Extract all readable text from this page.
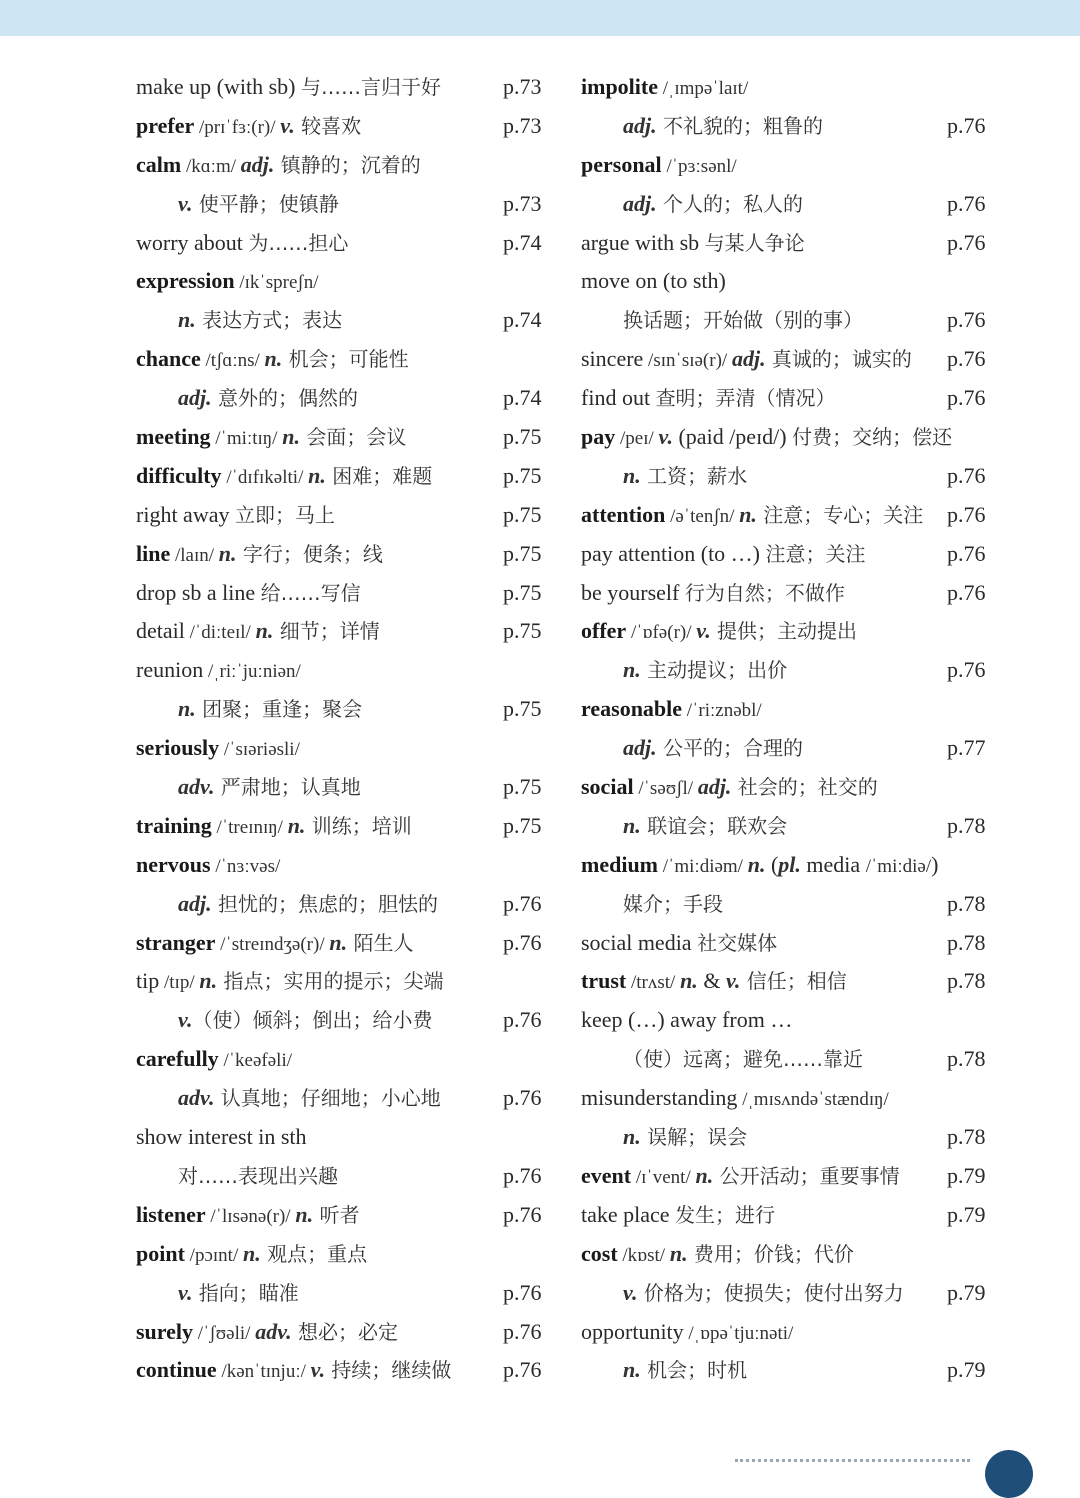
make up (with sb) 与……言归于好	p.73
prefer /prɪˈfɜː(r)/ v. 较喜欢	p.73
calm /kɑːm/ adj. 镇静的；沉着的
v. 使平静；使镇静	p.73
worry about 为……担心	p.74
expression /ɪkˈspreʃn/
n. 表达方式；表达	p.74
chance /tʃɑːns/ n. 机会；可能性
adj. 意外的；偶然的	p.74
meeting /ˈmiːtɪŋ/ n. 会面；会议	p.75
difficulty /ˈdɪfɪkəlti/ n. 困难；难题	p.75
right away 立即；马上	p.75
line /laɪn/ n. 字行；便条；线	p.75
drop sb a line 给……写信	p.75
detail /ˈdiːteɪl/ n. 细节；详情	p.75
reunion /ˌriːˈjuːniən/
n. 团聚；重逢；聚会	p.75
seriously /ˈsɪəriəsli/
adv. 严肃地；认真地	p.75
training /ˈtreɪnɪŋ/ n. 训练；培训	p.75
nervous /ˈnɜːvəs/
adj. 担忧的；焦虑的；胆怯的	p.76
stranger /ˈstreɪndʒə(r)/ n. 陌生人	p.76
tip /tɪp/ n. 指点；实用的提示；尖端
v.（使）倾斜；倒出；给小费	p.76
carefully /ˈkeəfəli/
adv. 认真地；仔细地；小心地	p.76
show interest in sth
对……表现出兴趣	p.76
listener /ˈlɪsənə(r)/ n. 听者	p.76
point /pɔɪnt/ n. 观点；重点
v. 指向；瞄准	p.76
surely /ˈʃʊəli/ adv. 想必；必定	p.76
continue /kənˈtɪnjuː/ v. 持续；继续做 p.76
impolite /ˌɪmpəˈlaɪt/
adj. 不礼貌的；粗鲁的	p.76
personal /ˈpɜːsənl/
adj. 个人的；私人的	p.76
argue with sb 与某人争论	p.76
move on (to sth)
换话题；开始做（别的事）	p.76
sincere /sɪnˈsɪə(r)/ adj. 真诚的；诚实的 p.76
find out 查明；弄清（情况）	p.76
pay /peɪ/ v. (paid /peɪd/) 付费；交纳；偿还
n. 工资；薪水	p.76
attention /əˈtenʃn/ n. 注意；专心；关注 p.76
pay attention (to …) 注意；关注	p.76
be yourself 行为自然；不做作	p.76
offer /ˈɒfə(r)/ v. 提供；主动提出
n. 主动提议；出价	p.76
reasonable /ˈriːznəbl/
adj. 公平的；合理的	p.77
social /ˈsəʊʃl/ adj. 社会的；社交的
n. 联谊会；联欢会	p.78
medium /ˈmiːdiəm/ n. (pl. media /ˈmiːdiə/)
媒介；手段	p.78
social media 社交媒体	p.78
trust /trʌst/ n. & v. 信任；相信	p.78
keep (…) away from …
（使）远离；避免……靠近	p.78
misunderstanding /ˌmɪsʌndəˈstændɪŋ/
n. 误解；误会	p.78
event /ɪˈvent/ n. 公开活动；重要事情 p.79
take place 发生；进行	p.79
cost /kɒst/ n. 费用；价钱；代价
v. 价格为；使损失；使付出努力 p.79
opportunity /ˌɒpəˈtjuːnəti/
n. 机会；时机	p.79
